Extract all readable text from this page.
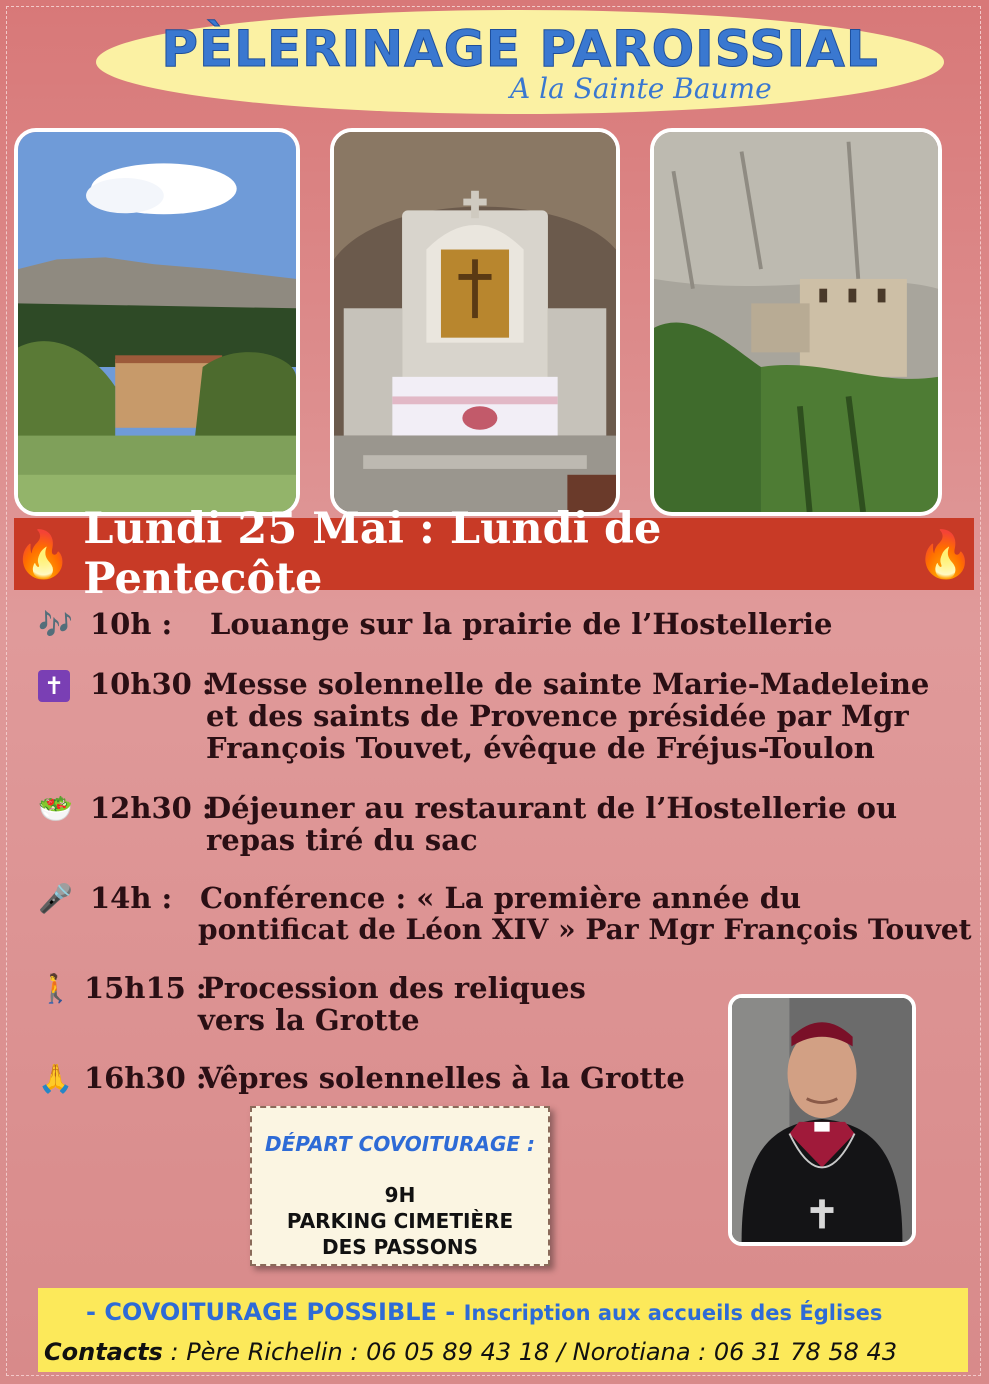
PÈLERINAGE PAROISSIAL
A la Sainte Baume
🔥 Lundi 25 Mai : Lundi de Pentecôte	🔥
🎶 10h : Louange sur la prairie de l’Hostellerie
✝ 10h30 :
Messe solennelle de sainte Marie-Madeleine
et des saints de Provence présidée par Mgr
François Touvet, évêque de Fréjus-Toulon
🥗 12h30 :
Déjeuner au restaurant de l’Hostellerie ou
repas tiré du sac
🎤 14h : Conférence : « La première année du
pontificat de Léon XIV » Par Mgr François Touvet
🚶 15h15 :
Procession des reliques
vers la Grotte
🙏 16h30 :
Vêpres solennelles à la Grotte
DÉPART COVOITURAGE :
9H
PARKING CIMETIÈRE
DES PASSONS
- COVOITURAGE POSSIBLE - Inscription aux accueils des Églises
Contacts : Père Richelin : 06 05 89 43 18 / Norotiana : 06 31 78 58 43
